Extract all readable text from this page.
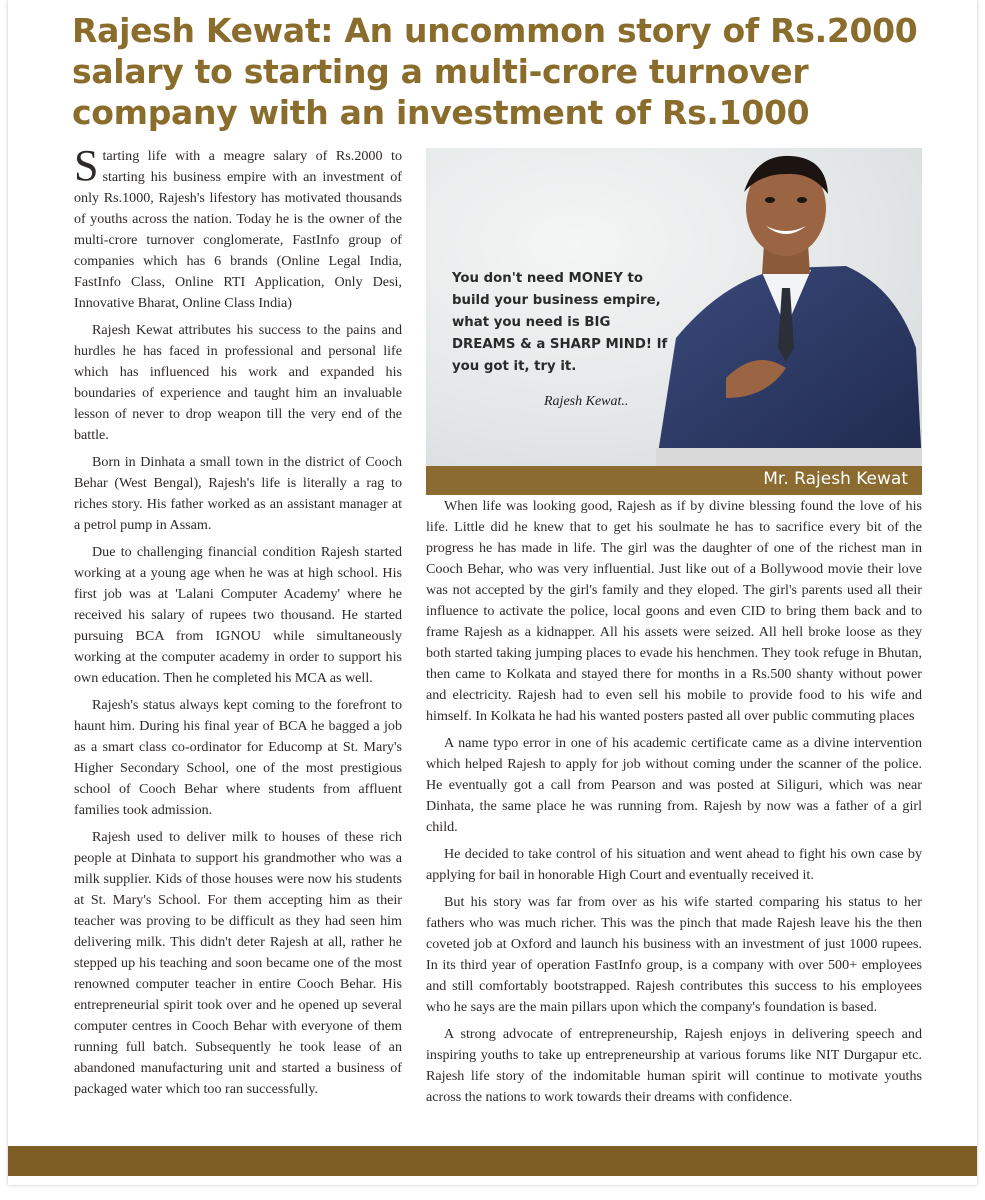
Rajesh Kewat: An uncommon story of Rs.2000 salary to starting a multi-crore turnover company with an investment of Rs.1000

Starting life with a meagre salary of Rs.2000 to starting his business empire with an investment of only Rs.1000, Rajesh's lifestory has motivated thousands of youths across the nation. Today he is the owner of the multi-crore turnover conglomerate, FastInfo group of companies which has 6 brands (Online Legal India, FastInfo Class, Online RTI Application, Only Desi, Innovative Bharat, Online Class India)

Rajesh Kewat attributes his success to the pains and hurdles he has faced in professional and personal life which has influenced his work and expanded his boundaries of experience and taught him an invaluable lesson of never to drop weapon till the very end of the battle.

Born in Dinhata a small town in the district of Cooch Behar (West Bengal), Rajesh's life is literally a rag to riches story. His father worked as an assistant manager at a petrol pump in Assam.

Due to challenging financial condition Rajesh started working at a young age when he was at high school. His first job was at 'Lalani Computer Academy' where he received his salary of rupees two thousand. He started pursuing BCA from IGNOU while simultaneously working at the computer academy in order to support his own education. Then he completed his MCA as well.

Rajesh's status always kept coming to the forefront to haunt him. During his final year of BCA he bagged a job as a smart class co-ordinator for Educomp at St. Mary's Higher Secondary School, one of the most prestigious school of Cooch Behar where students from affluent families took admission.

Rajesh used to deliver milk to houses of these rich people at Dinhata to support his grandmother who was a milk supplier. Kids of those houses were now his students at St. Mary's School. For them accepting him as their teacher was proving to be difficult as they had seen him delivering milk. This didn't deter Rajesh at all, rather he stepped up his teaching and soon became one of the most renowned computer teacher in entire Cooch Behar. His entrepreneurial spirit took over and he opened up several computer centres in Cooch Behar with everyone of them running full batch. Subsequently he took lease of an abandoned manufacturing unit and started a business of packaged water which too ran successfully.

You don't need MONEY to build your business empire, what you need is BIG DREAMS & a SHARP MIND! If you got it, try it.
Rajesh Kewat..
Mr. Rajesh Kewat

When life was looking good, Rajesh as if by divine blessing found the love of his life. Little did he knew that to get his soulmate he has to sacrifice every bit of the progress he has made in life. The girl was the daughter of one of the richest man in Cooch Behar, who was very influential. Just like out of a Bollywood movie their love was not accepted by the girl's family and they eloped. The girl's parents used all their influence to activate the police, local goons and even CID to bring them back and to frame Rajesh as a kidnapper. All his assets were seized. All hell broke loose as they both started taking jumping places to evade his henchmen. They took refuge in Bhutan, then came to Kolkata and stayed there for months in a Rs.500 shanty without power and electricity. Rajesh had to even sell his mobile to provide food to his wife and himself. In Kolkata he had his wanted posters pasted all over public commuting places

A name typo error in one of his academic certificate came as a divine intervention which helped Rajesh to apply for job without coming under the scanner of the police. He eventually got a call from Pearson and was posted at Siliguri, which was near Dinhata, the same place he was running from. Rajesh by now was a father of a girl child.

He decided to take control of his situation and went ahead to fight his own case by applying for bail in honorable High Court and eventually received it.

But his story was far from over as his wife started comparing his status to her fathers who was much richer. This was the pinch that made Rajesh leave his the then coveted job at Oxford and launch his business with an investment of just 1000 rupees. In its third year of operation FastInfo group, is a company with over 500+ employees and still comfortably bootstrapped. Rajesh contributes this success to his employees who he says are the main pillars upon which the company's foundation is based.

A strong advocate of entrepreneurship, Rajesh enjoys in delivering speech and inspiring youths to take up entrepreneurship at various forums like NIT Durgapur etc. Rajesh life story of the indomitable human spirit will continue to motivate youths across the nations to work towards their dreams with confidence.
